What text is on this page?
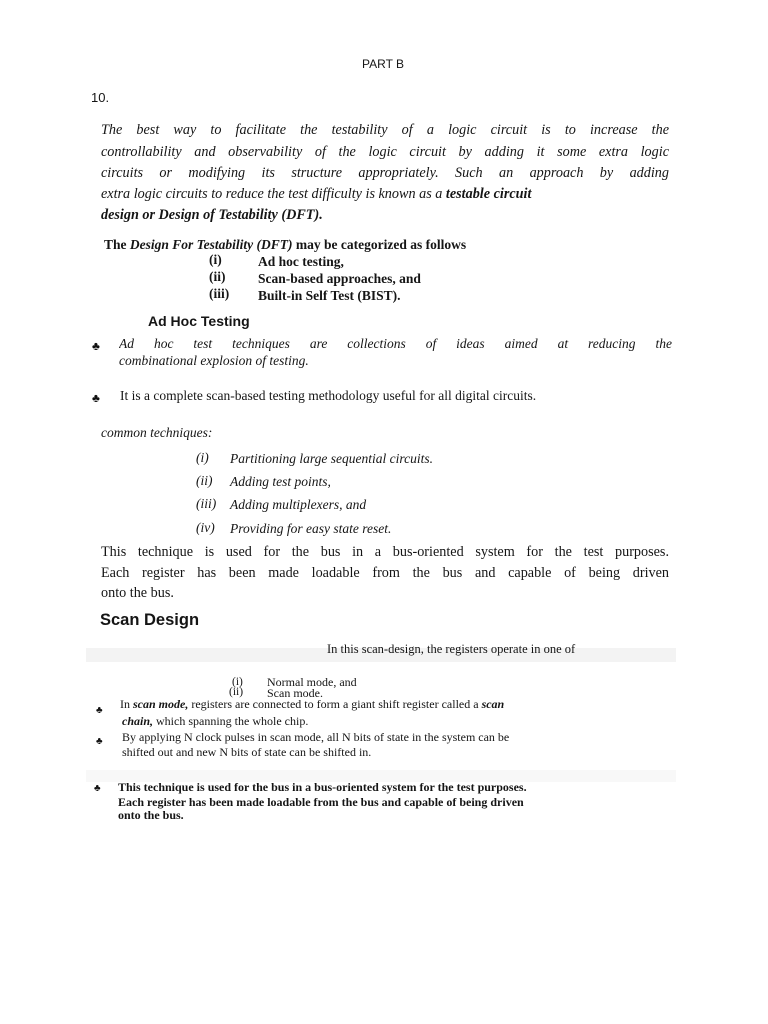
PART B

10.

The best way to facilitate the testability of a logic circuit is to increase the

controllability and observability of the logic circuit by adding it some extra logic

circuits or modifying its structure appropriately. Such an approach by adding

extra logic circuits to reduce the test difficulty is known as a testable circuit

design or Design of Testability (DFT).

The Design For Testability (DFT) may be categorized as follows

(i)	Ad hoc testing,

(ii) Scan-based approaches, and

(iii) Built-in Self Test (BIST).

Ad Hoc Testing

♣ Ad hoc test techniques are collections of ideas aimed at reducing the

combinational explosion of testing.

♣ It is a complete scan-based testing methodology useful for all digital circuits.

common techniques:

(i) Partitioning large sequential circuits.

(ii) Adding test points,

(iii) Adding multiplexers, and

(iv) Providing for easy state reset.

This technique is used for the bus in a bus-oriented system for the test purposes.

Each register has been made loadable from the bus and capable of being driven

onto the bus.

Scan Design

In this scan-design, the registers operate in one of

(i) Normal mode, and

(ii) Scan mode.

♣ In scan mode, registers are connected to form a giant shift register called a scan

chain, which spanning the whole chip.

♣ By applying N clock pulses in scan mode, all N bits of state in the system can be

shifted out and new N bits of state can be shifted in.

♣ This technique is used for the bus in a bus-oriented system for the test purposes.

Each register has been made loadable from the bus and capable of being driven

onto the bus.
